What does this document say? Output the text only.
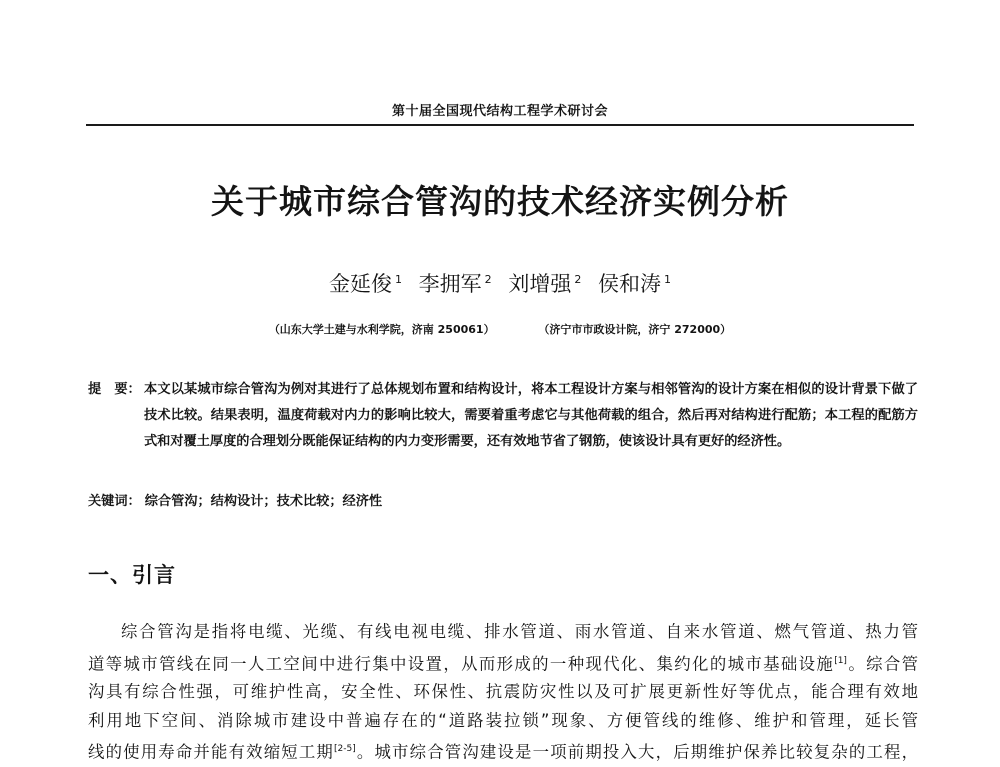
第十届全国现代结构工程学术研讨会
关于城市综合管沟的技术经济实例分析
金延俊 $^1$ 李拥军 $^2$ 刘增强 $^2$ 侯和涛 $^1$
（山东大学土建与水利学院，济南 250061）	（济宁市市政设计院，济宁 272000）
提　要： 本文以某城市综合管沟为例对其进行了总体规划布置和结构设计，将本工程设计方案与相邻管沟的设计方案在相似的设计背景下做了技术比较。结果表明，温度荷载对内力的影响比较大，需要着重考虑它与其他荷载的组合，然后再对结构进行配筋；本工程的配筋方式和对覆土厚度的合理划分既能保证结构的内力变形需要，还有效地节省了钢筋，使该设计具有更好的经济性。
关键词： 综合管沟；结构设计；技术比较；经济性
一、引言
综合管沟是指将电缆、光缆、有线电视电缆、排水管道、雨水管道、自来水管道、燃气管道、热力管
道等城市管线在同一人工空间中进行集中设置，从而形成的一种现代化、集约化的城市基础设施[1]。综合管
沟具有综合性强，可维护性高，安全性、环保性、抗震防灾性以及可扩展更新性好等优点，能合理有效地
利用地下空间、消除城市建设中普遍存在的“道路装拉锁”现象、方便管线的维修、维护和管理，延长管
线的使用寿命并能有效缩短工期[2-5]。城市综合管沟建设是一项前期投入大，后期维护保养比较复杂的工程，
